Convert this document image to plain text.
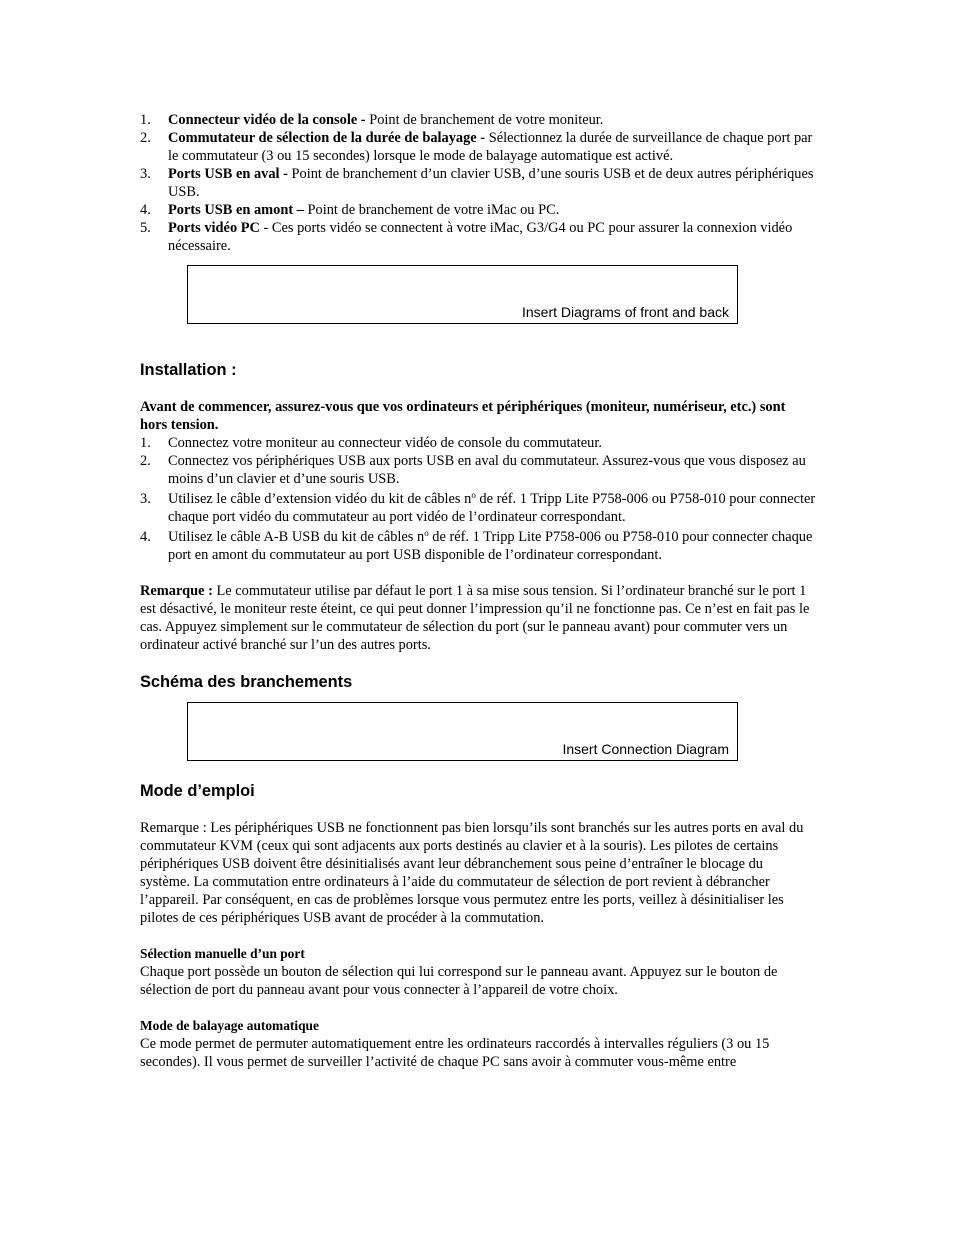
1. Connecteur vidéo de la console - Point de branchement de votre moniteur.
2. Commutateur de sélection de la durée de balayage - Sélectionnez la durée de surveillance de chaque port par le commutateur (3 ou 15 secondes) lorsque le mode de balayage automatique est activé.
3. Ports USB en aval - Point de branchement d’un clavier USB, d’une souris USB et de deux autres périphériques USB.
4. Ports USB en amont – Point de branchement de votre iMac ou PC.
5. Ports vidéo PC - Ces ports vidéo se connectent à votre iMac, G3/G4 ou PC pour assurer la connexion vidéo nécessaire.
Insert Diagrams of front and back
Installation :

Avant de commencer, assurez-vous que vos ordinateurs et périphériques (moniteur, numériseur, etc.) sont hors tension.

1. Connectez votre moniteur au connecteur vidéo de console du commutateur.
2. Connectez vos périphériques USB aux ports USB en aval du commutateur. Assurez-vous que vous disposez au moins d’un clavier et d’une souris USB.
3. Utilisez le câble d’extension vidéo du kit de câbles $n^o$ de réf. 1 Tripp Lite P758-006 ou P758-010 pour connecter chaque port vidéo du commutateur au port vidéo de l’ordinateur correspondant.
4. Utilisez le câble A-B USB du kit de câbles $n^o$ de réf. 1 Tripp Lite P758-006 ou P758-010 pour connecter chaque port en amont du commutateur au port USB disponible de l’ordinateur correspondant.

Remarque : Le commutateur utilise par défaut le port 1 à sa mise sous tension. Si l’ordinateur branché sur le port 1 est désactivé, le moniteur reste éteint, ce qui peut donner l’impression qu’il ne fonctionne pas. Ce n’est en fait pas le cas. Appuyez simplement sur le commutateur de sélection du port (sur le panneau avant) pour commuter vers un ordinateur activé branché sur l’un des autres ports.

Schéma des branchements
Insert Connection Diagram
Mode d’emploi

Remarque : Les périphériques USB ne fonctionnent pas bien lorsqu’ils sont branchés sur les autres ports en aval du commutateur KVM (ceux qui sont adjacents aux ports destinés au clavier et à la souris). Les pilotes de certains périphériques USB doivent être désinitialisés avant leur débranchement sous peine d’entraîner le blocage du système. La commutation entre ordinateurs à l’aide du commutateur de sélection de port revient à débrancher l’appareil. Par conséquent, en cas de problèmes lorsque vous permutez entre les ports, veillez à désinitialiser les pilotes de ces périphériques USB avant de procéder à la commutation.

Sélection manuelle d’un port

Chaque port possède un bouton de sélection qui lui correspond sur le panneau avant. Appuyez sur le bouton de sélection de port du panneau avant pour vous connecter à l’appareil de votre choix.

Mode de balayage automatique

Ce mode permet de permuter automatiquement entre les ordinateurs raccordés à intervalles réguliers (3 ou 15 secondes). Il vous permet de surveiller l’activité de chaque PC sans avoir à commuter vous-même entre
